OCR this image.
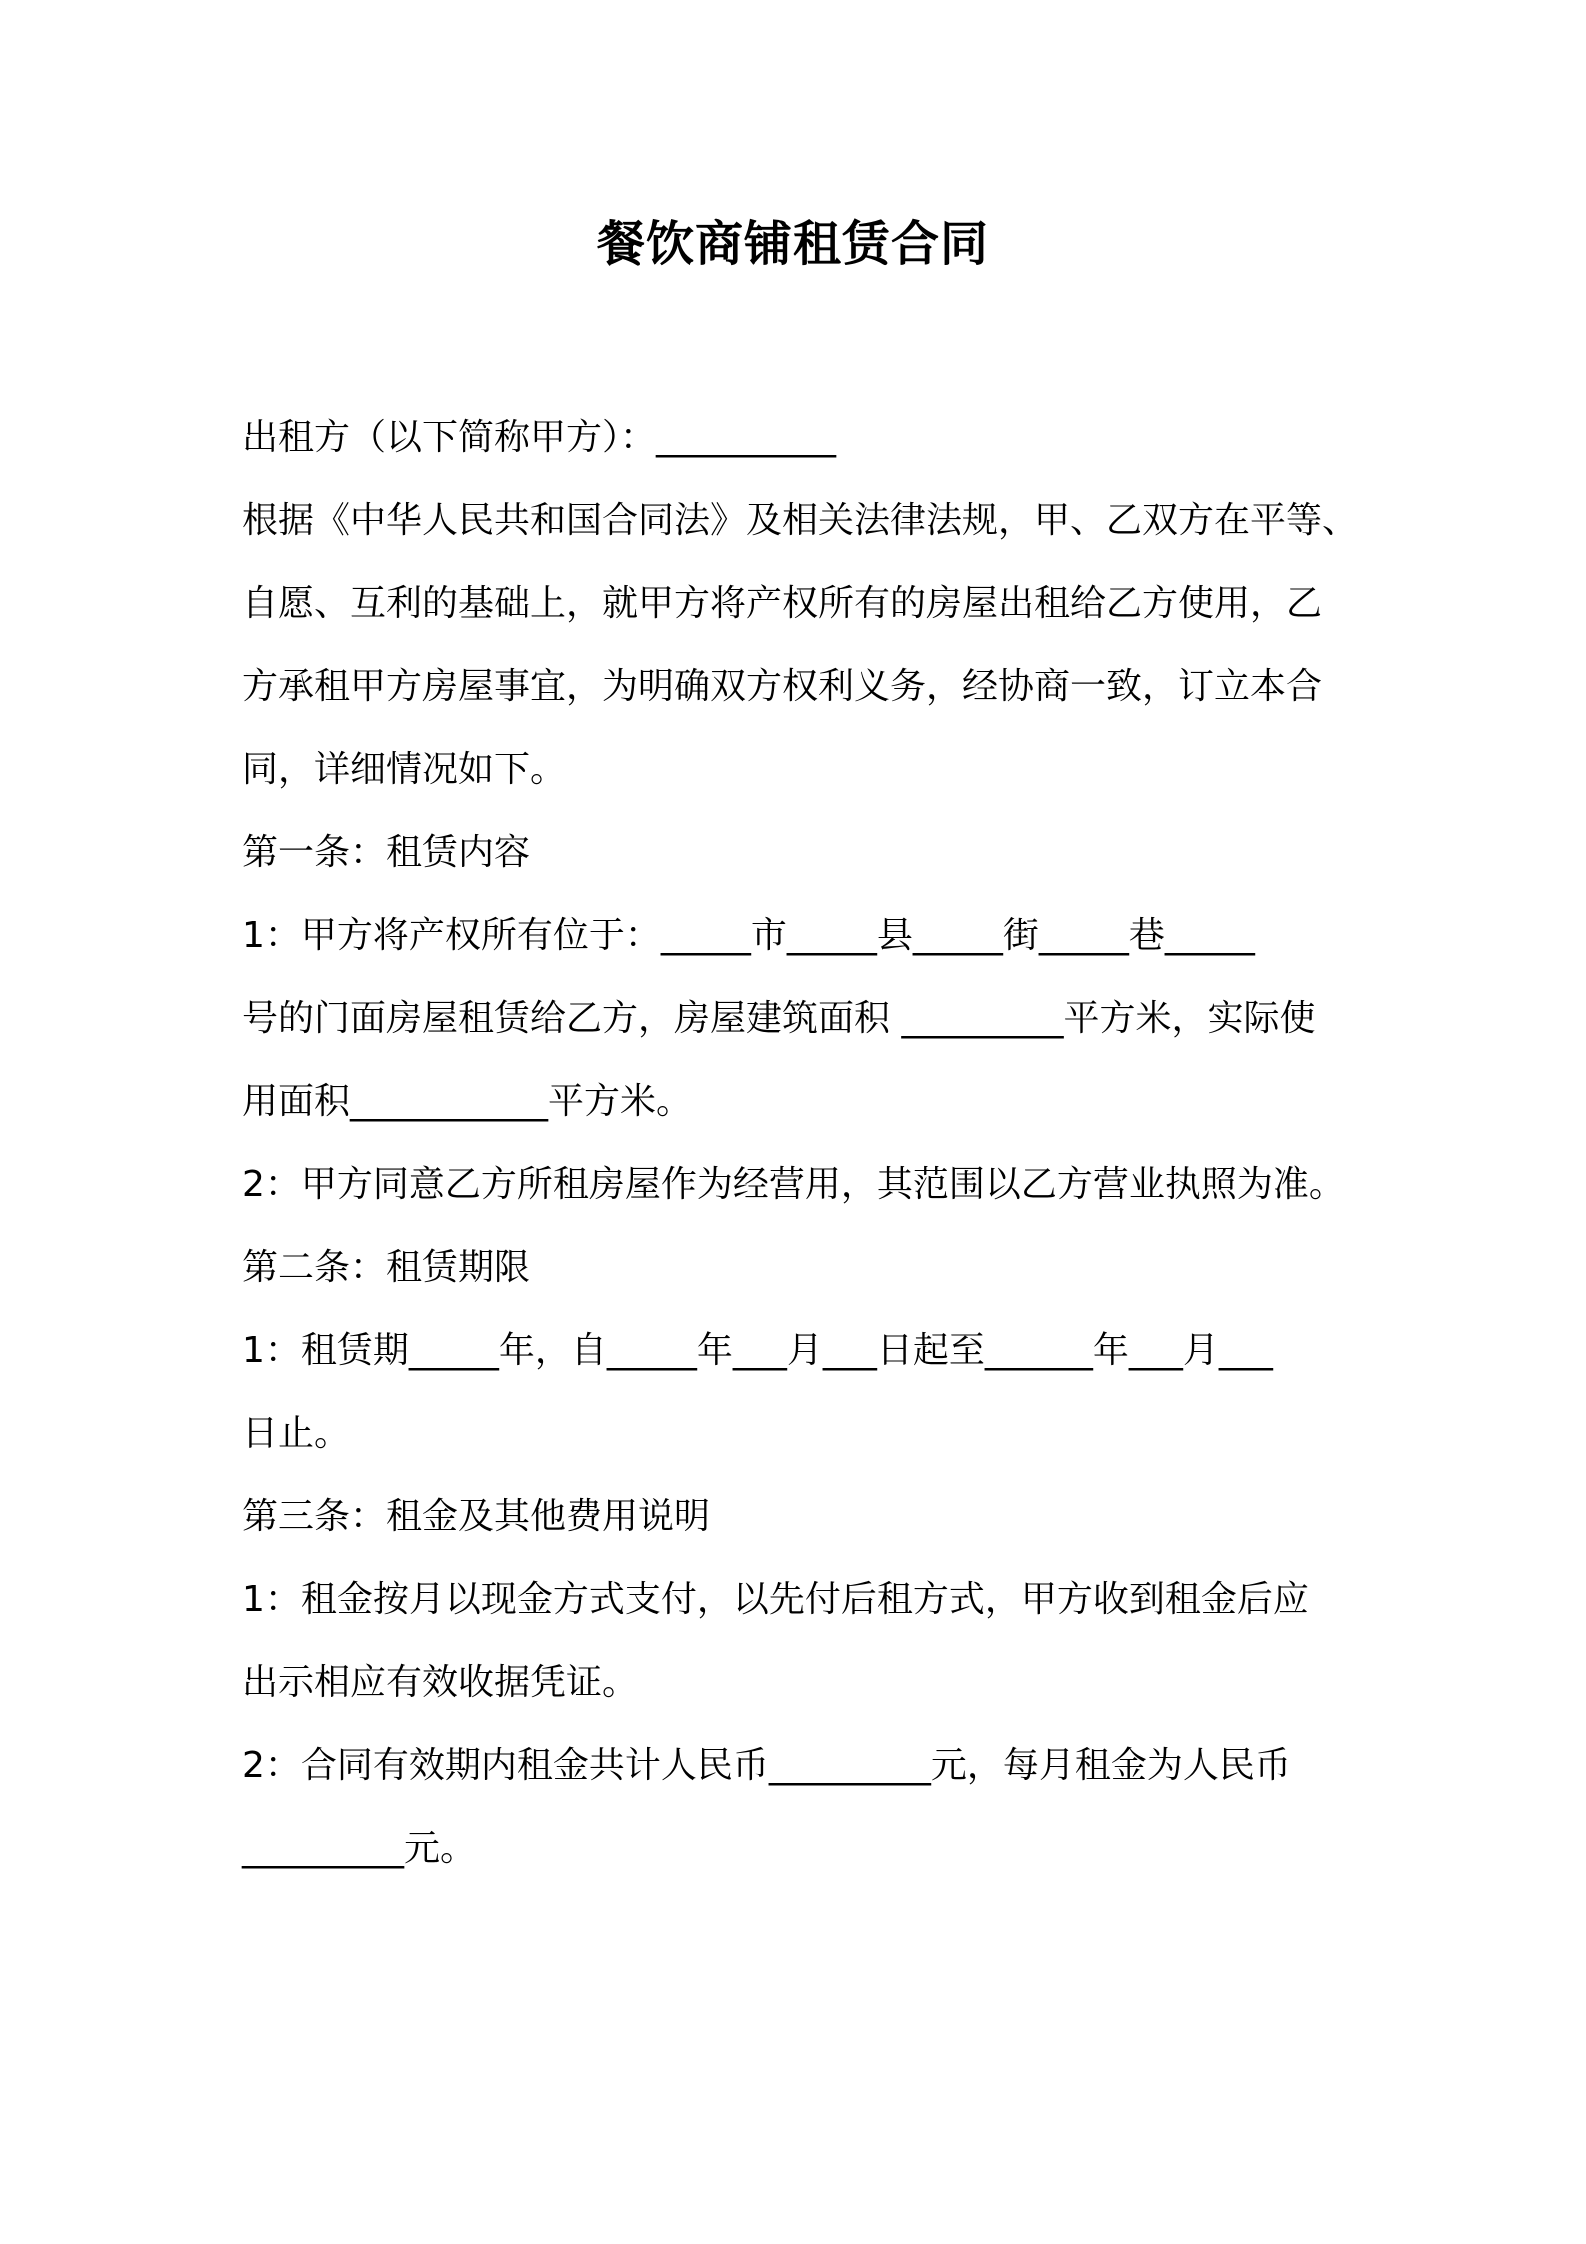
餐饮商铺租赁合同
出租方（以下简称甲方）：__________
根据《中华人民共和国合同法》及相关法律法规，甲、乙双方在平等、
自愿、互利的基础上，就甲方将产权所有的房屋出租给乙方使用，乙
方承租甲方房屋事宜，为明确双方权利义务，经协商一致，订立本合
同，详细情况如下。
第一条：租赁内容
1：甲方将产权所有位于：_____市_____县_____街_____巷_____
号的门面房屋租赁给乙方，房屋建筑面积 _________平方米，实际使
用面积___________平方米。
2：甲方同意乙方所租房屋作为经营用，其范围以乙方营业执照为准。
第二条：租赁期限
1：租赁期_____年，自_____年___月___日起至______年___月___
日止。
第三条：租金及其他费用说明
1：租金按月以现金方式支付，以先付后租方式，甲方收到租金后应
出示相应有效收据凭证。
2：合同有效期内租金共计人民币_________元，每月租金为人民币
_________元。
